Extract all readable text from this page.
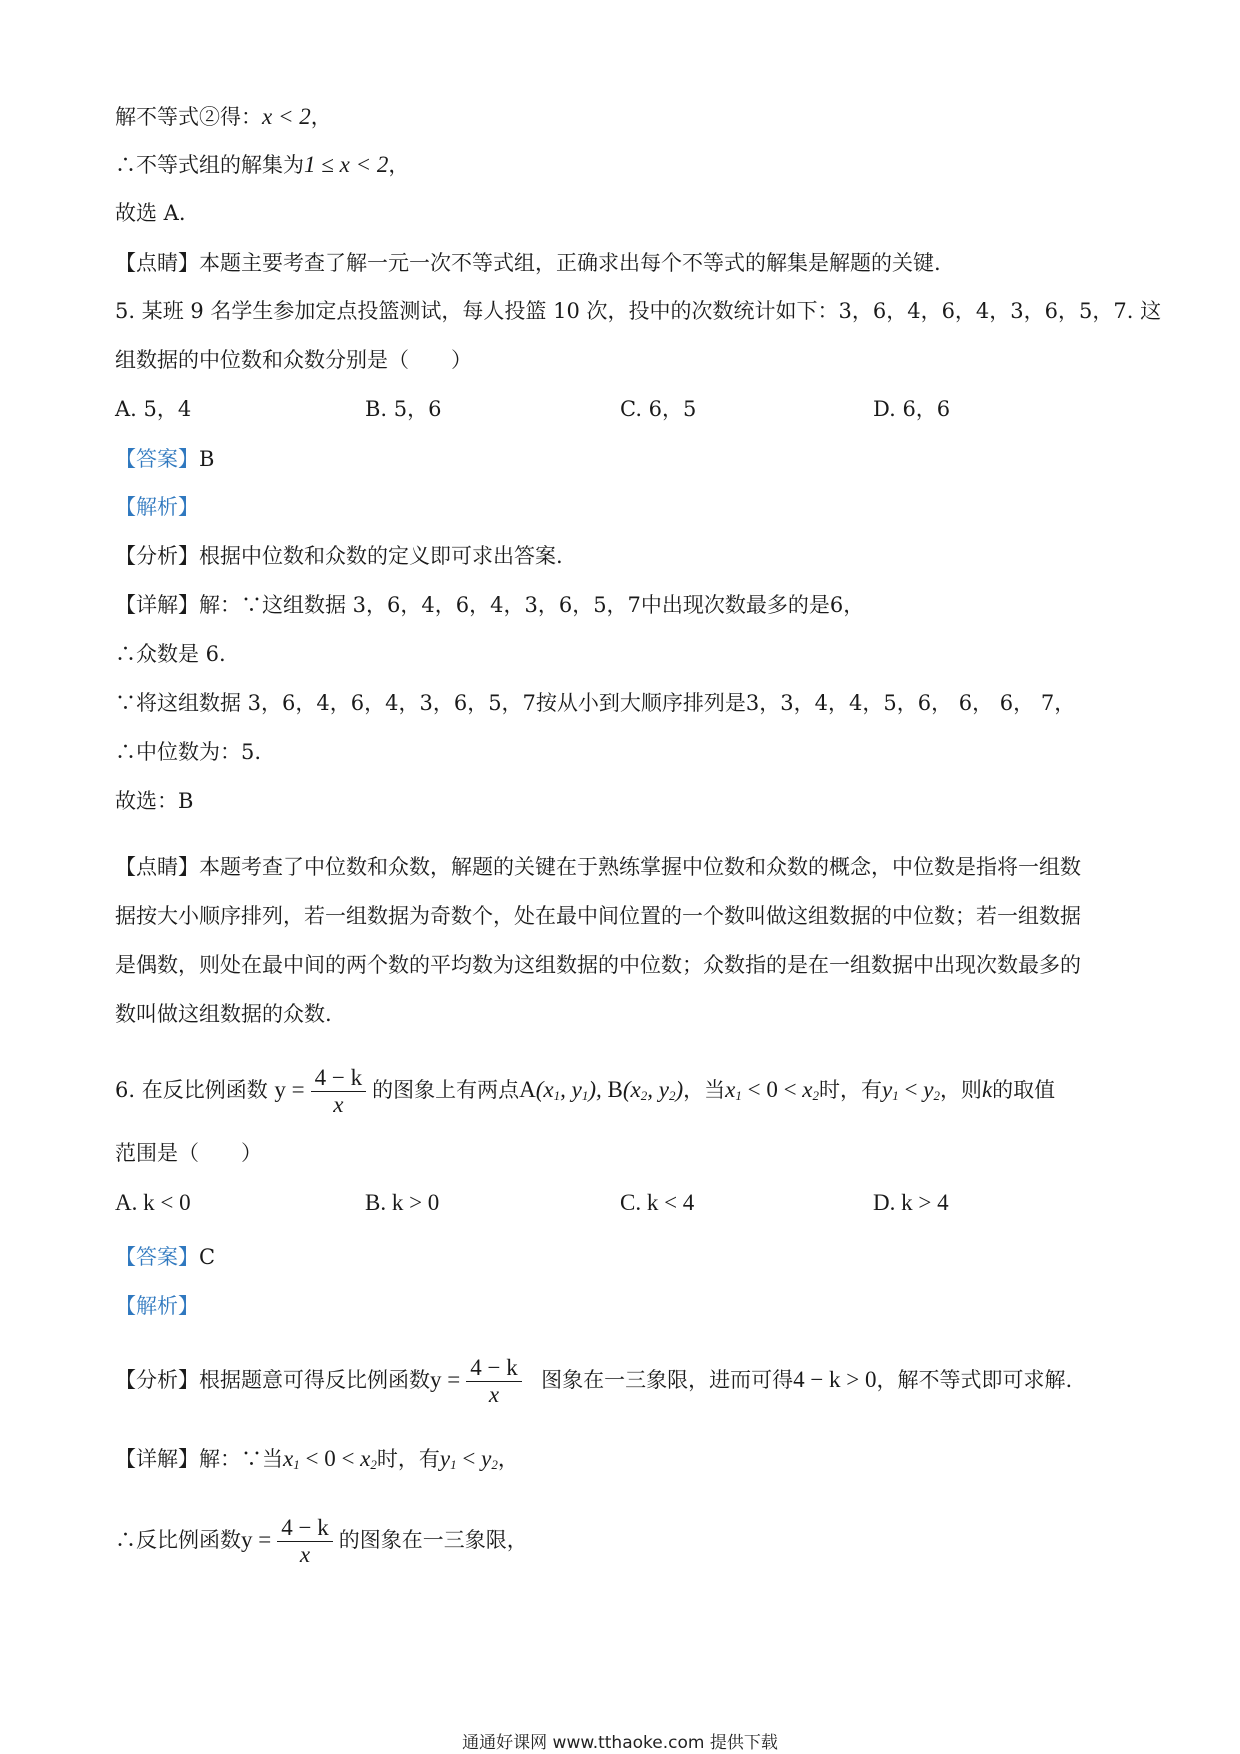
解不等式②得：x < 2，
∴不等式组的解集为1 ≤ x < 2，
故选 A.
【点睛】本题主要考查了解一元一次不等式组，正确求出每个不等式的解集是解题的关键.
5. 某班 9 名学生参加定点投篮测试，每人投篮 10 次，投中的次数统计如下：3，6，4，6，4，3，6，5，7. 这
组数据的中位数和众数分别是（　　）
A. 5，4	B. 5，6	C. 6，5	D. 6，6
【答案】B
【解析】
【分析】根据中位数和众数的定义即可求出答案.
【详解】解：∵这组数据 3，6，4，6，4，3，6，5，7中出现次数最多的是6，
∴众数是 6.
∵将这组数据 3，6，4，6，4，3，6，5，7按从小到大顺序排列是3，3，4，4，5，6， 6， 6， 7，
∴中位数为：5.
故选：B
【点睛】本题考查了中位数和众数，解题的关键在于熟练掌握中位数和众数的概念，中位数是指将一组数
据按大小顺序排列，若一组数据为奇数个，处在最中间位置的一个数叫做这组数据的中位数；若一组数据
是偶数，则处在最中间的两个数的平均数为这组数据的中位数；众数指的是在一组数据中出现次数最多的
数叫做这组数据的众数.
6. 在反比例函数 $y = \frac{4 - k}{x}$ 的图象上有两点$A(x_1$, $y_1$), $B(x_2$, $y_2$)，当$x_1 < 0 < x_2$时，有$y_1 < y_2$，则k的取值
范围是（　　）
A. k < 0	B. k > 0	C. k < 4	D. k > 4
【答案】C
【解析】
【分析】根据题意可得反比例函数$y = \frac{4 - k}{x}$ 图象在一三象限，进而可得4 − k > 0，解不等式即可求解.
【详解】解：∵当$x_1 < 0 < x_2$时，有$y_1 < y_2$，
∴反比例函数$y = \frac{4 - k}{x}$ 的图象在一三象限，
通通好课网 www.tthaoke.com 提供下载
